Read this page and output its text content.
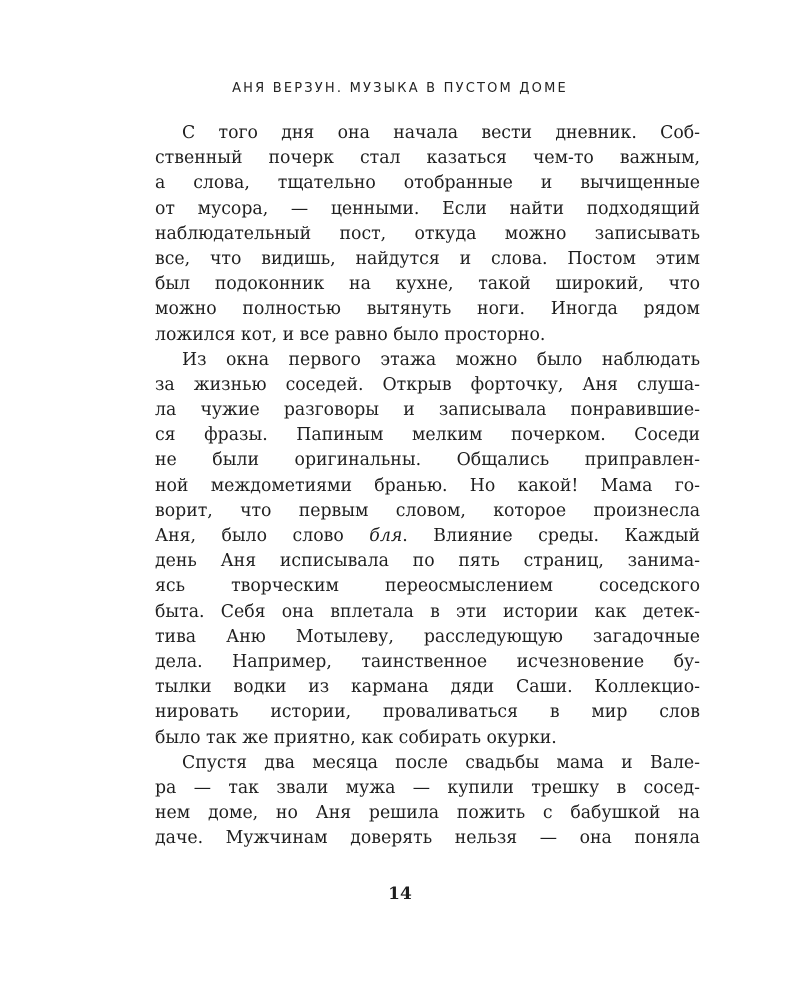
АНЯ ВЕРЗУН. МУЗЫКА В ПУСТОМ ДОМЕ
С того дня она начала вести дневник. Соб-
ственный почерк стал казаться чем-то важным,
а слова, тщательно отобранные и вычищенные
от мусора, — ценными. Если найти подходящий
наблюдательный пост, откуда можно записывать
все, что видишь, найдутся и слова. Постом этим
был подоконник на кухне, такой широкий, что
можно полностью вытянуть ноги. Иногда рядом
ложился кот, и все равно было просторно.
Из окна первого этажа можно было наблюдать
за жизнью соседей. Открыв форточку, Аня слуша-
ла чужие разговоры и записывала понравившие-
ся фразы. Папиным мелким почерком. Соседи
не были оригинальны. Общались приправлен-
ной междометиями бранью. Но какой! Мама го-
ворит, что первым словом, которое произнесла
Аня, было слово бля. Влияние среды. Каждый
день Аня исписывала по пять страниц, занима-
ясь творческим переосмыслением соседского
быта. Себя она вплетала в эти истории как детек-
тива Аню Мотылеву, расследующую загадочные
дела. Например, таинственное исчезновение бу-
тылки водки из кармана дяди Саши. Коллекцио-
нировать истории, проваливаться в мир слов
было так же приятно, как собирать окурки.
Спустя два месяца после свадьбы мама и Вале-
ра — так звали мужа — купили трешку в сосед-
нем доме, но Аня решила пожить с бабушкой на
даче. Мужчинам доверять нельзя — она поняла
14
